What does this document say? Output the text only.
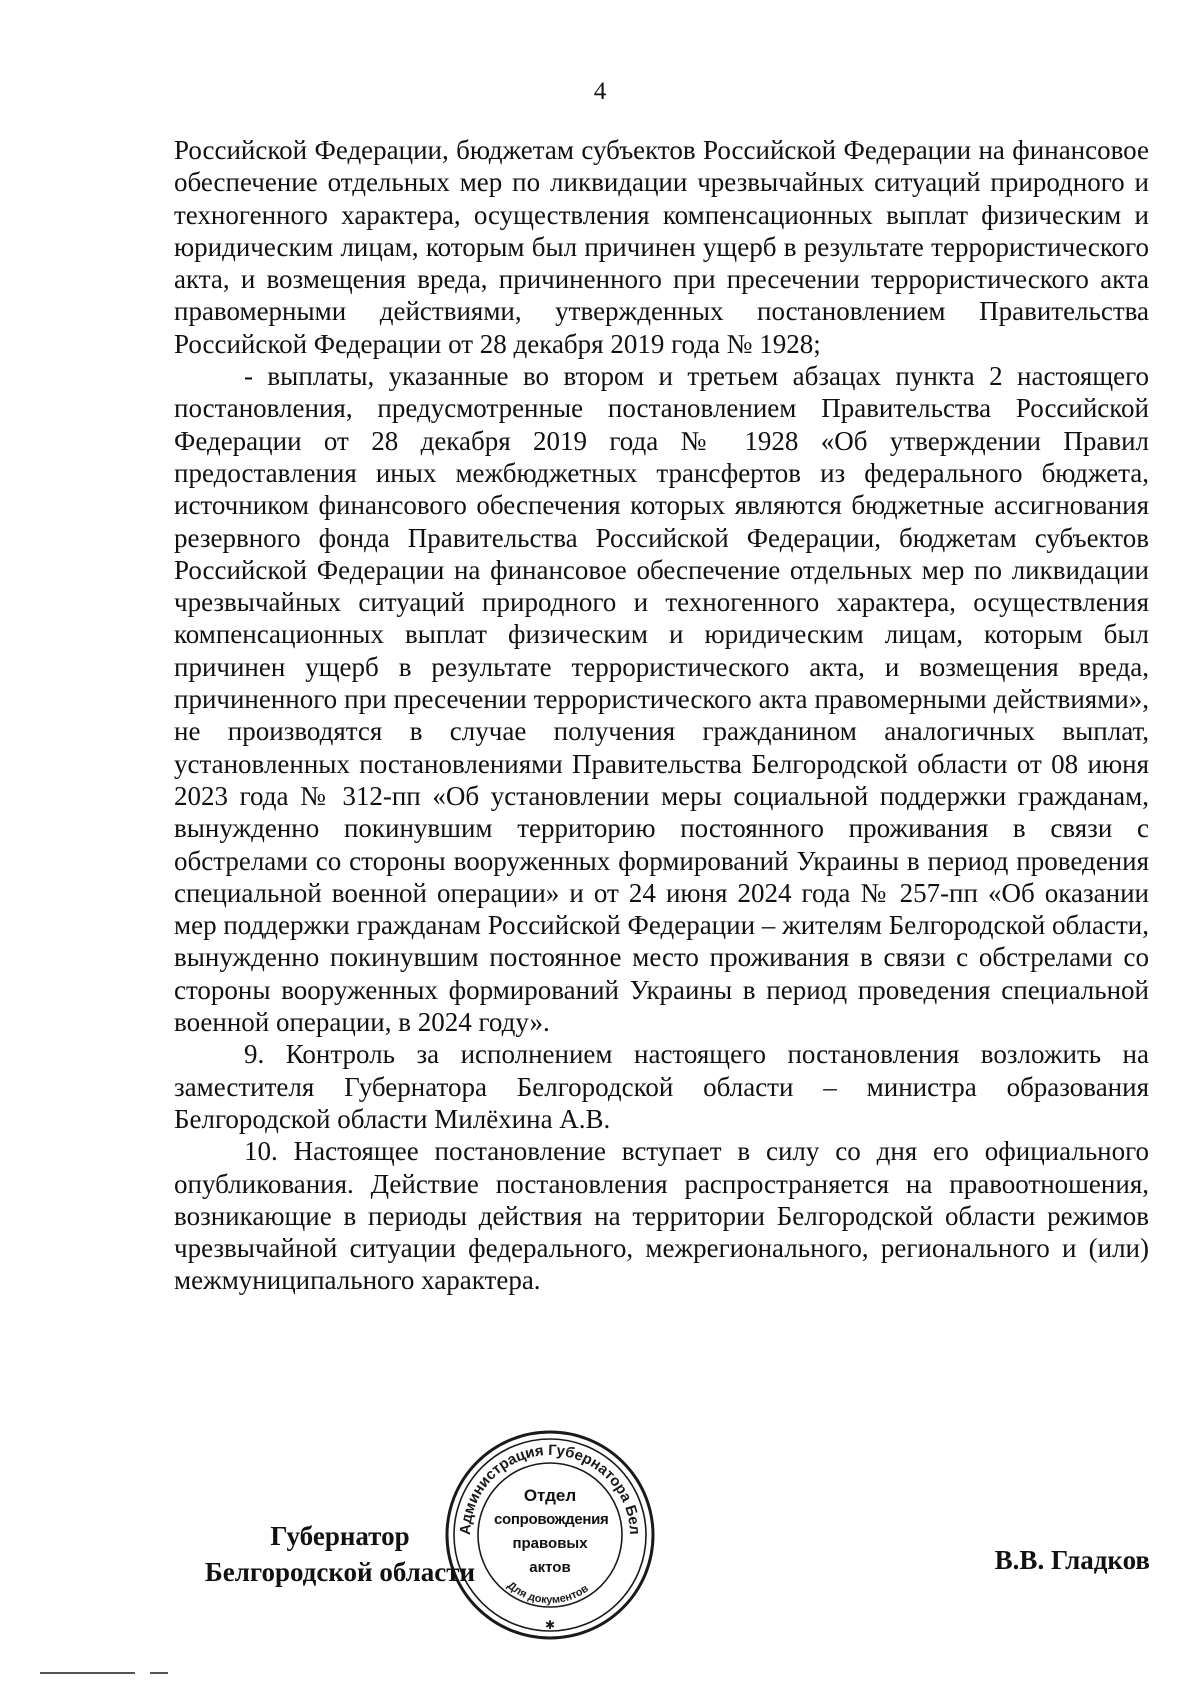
4

Российской Федерации, бюджетам субъектов Российской Федерации на финансовое обеспечение отдельных мер по ликвидации чрезвычайных ситуаций природного и техногенного характера, осуществления компенсационных выплат физическим и юридическим лицам, которым был причинен ущерб в результате террористического акта, и возмещения вреда, причиненного при пресечении террористического акта правомерными действиями, утвержденных постановлением Правительства Российской Федерации от 28 декабря 2019 года № 1928;

- выплаты, указанные во втором и третьем абзацах пункта 2 настоящего постановления, предусмотренные постановлением Правительства Российской Федерации от 28 декабря 2019 года № 1928 «Об утверждении Правил предоставления иных межбюджетных трансфертов из федерального бюджета, источником финансового обеспечения которых являются бюджетные ассигнования резервного фонда Правительства Российской Федерации, бюджетам субъектов Российской Федерации на финансовое обеспечение отдельных мер по ликвидации чрезвычайных ситуаций природного и техногенного характера, осуществления компенсационных выплат физическим и юридическим лицам, которым был причинен ущерб в результате террористического акта, и возмещения вреда, причиненного при пресечении террористического акта правомерными действиями», не производятся в случае получения гражданином аналогичных выплат, установленных постановлениями Правительства Белгородской области от 08 июня 2023 года № 312-пп «Об установлении меры социальной поддержки гражданам, вынужденно покинувшим территорию постоянного проживания в связи с обстрелами со стороны вооруженных формирований Украины в период проведения специальной военной операции» и от 24 июня 2024 года № 257-пп «Об оказании мер поддержки гражданам Российской Федерации – жителям Белгородской области, вынужденно покинувшим постоянное место проживания в связи с обстрелами со стороны вооруженных формирований Украины в период проведения специальной военной операции, в 2024 году».

9. Контроль за исполнением настоящего постановления возложить на заместителя Губернатора Белгородской области – министра образования Белгородской области Милёхина А.В.

10. Настоящее постановление вступает в силу со дня его официального опубликования. Действие постановления распространяется на правоотношения, возникающие в периоды действия на территории Белгородской области режимов чрезвычайной ситуации федерального, межрегионального, регионального и (или) межмуниципального характера.

Администрация Губернатора Бел
Для документов
✱
Отдел
сопровождения
правовых
актов
Губернатор
Белгородской области	В.В. Гладков
